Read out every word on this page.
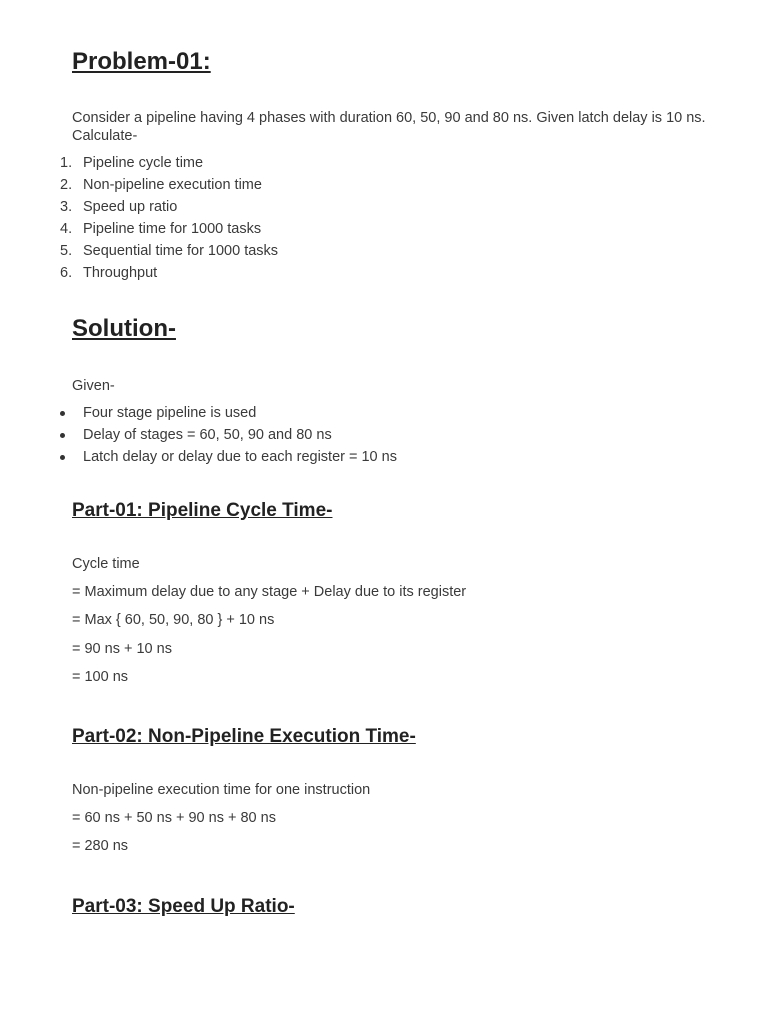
Problem-01:

Consider a pipeline having 4 phases with duration 60, 50, 90 and 80 ns. Given latch delay is 10 ns. Calculate-

1. Pipeline cycle time
2. Non-pipeline execution time
3. Speed up ratio
4. Pipeline time for 1000 tasks
5. Sequential time for 1000 tasks
6. Throughput
Solution-
Given-
Four stage pipeline is used
Delay of stages = 60, 50, 90 and 80 ns
Latch delay or delay due to each register = 10 ns
Part-01: Pipeline Cycle Time-
Cycle time
= Maximum delay due to any stage + Delay due to its register
= Max { 60, 50, 90, 80 } + 10 ns
= 90 ns + 10 ns
= 100 ns
Part-02: Non-Pipeline Execution Time-
Non-pipeline execution time for one instruction
= 60 ns + 50 ns + 90 ns + 80 ns
= 280 ns
Part-03: Speed Up Ratio-
